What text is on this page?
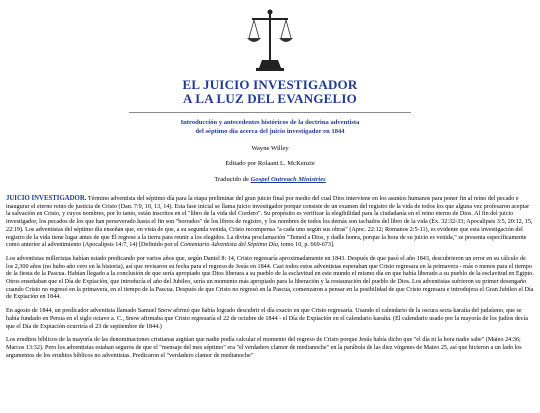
EL JUICIO INVESTIGADOR
A LA LUZ DEL EVANGELIO
Introducción y antecedentes históricos de la doctrina adventista
del séptimo día acerca del juicio investigador en 1844

Wayne Willey

Editado por Rolaant L. McKenzie

Traducido de Gospel Outreach Ministries

JUICIO INVESTIGADOR. Término adventista del séptimo día para la etapa preliminar del gran juicio final por medio del cual Dios interviene en los asuntos humanos para poner fin al reino del pecado e inaugurar el eterno reino de justicia de Cristo (Dan. 7:9, 10, 13, 14). Esta fase inicial se llama juicio investigador porque consiste de un examen del registro de la vida de todos los que alguna vez profesaron aceptar la salvación en Cristo, y cuyos nombres, por lo tanto, están inscritos en el "libro de la vida del Cordero". Su propósito es verificar la elegibilidad para la ciudadanía en el reino eterno de Dios. Al fin del juicio investigador, los pecados de los que han perseverado hasta el fin son "borrados" de los libros de registro, y los nombres de todos los demás son tachados del libro de la vida (Éx. 32:32-33; Apocalipsis 3:5, 20:12, 15, 22:19). Los adventistas del séptimo día enseñan que, en vista de que, a su segunda venida, Cristo recompensa "a cada uno según sus obras" (Apoc. 22:12; Romanos 2:5-11), es evidente que esta investigación del registro de la vida tiene lugar antes de que Él regrese a la tierra para reunir a los elegidos. La divina proclamación "Temed a Dios, y dadle honra, porque la hora de su juicio es venida," se presenta específicamente como anterior al advenimiento (Apocalipsis 14:7, 14) [Definido por el Comentario Adventista del Séptimo Día, tomo 10, p. 669-673].

Los adventistas milleristas habían estado predicando por varios años que, según Daniel 8: 14, Cristo regresaría aproximadamente en 1843. Después de que pasó el año 1843, descubrieron un error en su cálculo de los 2,300 años (no hubo año cero en la historia), así que revisaron su fecha para el regreso de Jesús en 1844. Casi todos estos adventistas esperaban que Cristo regresara en la primavera - más o menos para el tiempo de la fiesta de la Pascua. Habían llegado a la conclusión de que sería apropiado que Dios liberara a su pueblo de la esclavitud en este mundo el mismo día en que había liberado a su pueblo de la esclavitud en Egipto. Otros enseñaban que el Día de Expiación, que introducía el año del Jubileo, sería un momento más apropiado para la liberación y la restauración del pueblo de Dios. Los adventistas sufrieron su primer desengaño cuando Cristo no regresó en la primavera, en el tiempo de la Pascua. Después de que Cristo no regresó en la Pascua, comenzaron a pensar en la posibilidad de que Cristo regresara e introdujera el Gran Jubileo el Día de Expiación en 1844.

En agosto de 1844, un predicador adventista llamado Samuel Snow afirmó que había logrado descubrir el día exacto en que Cristo regresaría. Usando el calendario de la oscura secta karaíta del judaísmo, que se había fundado en Persia en el siglo octavo a. C., Snow afirmaba que Cristo regresaría el 22 de octubre de 1844 - el Día de Expiación en el calendario karaíta. (El calendario usado por la mayoría de los judíos decía que el Día de Expiación ocurriría el 23 de septiembre de 1844.)

Los eruditos bíblicos de la mayoría de las denominaciones cristianas argüían que nadie podía calcular el momento del regreso de Cristo porque Jesús había dicho que "el día ni la hora nadie sabe" (Mateo 24:36; Marcos 13:32). Pero los adventistas estaban seguros de que el "mensaje del mes séptimo" era "el verdadero clamor de medianoche" en la parábola de las diez vírgenes de Mateo 25, así que hicieron a un lado los argumentos de los eruditos bíblicos no adventistas. Predicaron el "verdadero clamor de medianoche"
